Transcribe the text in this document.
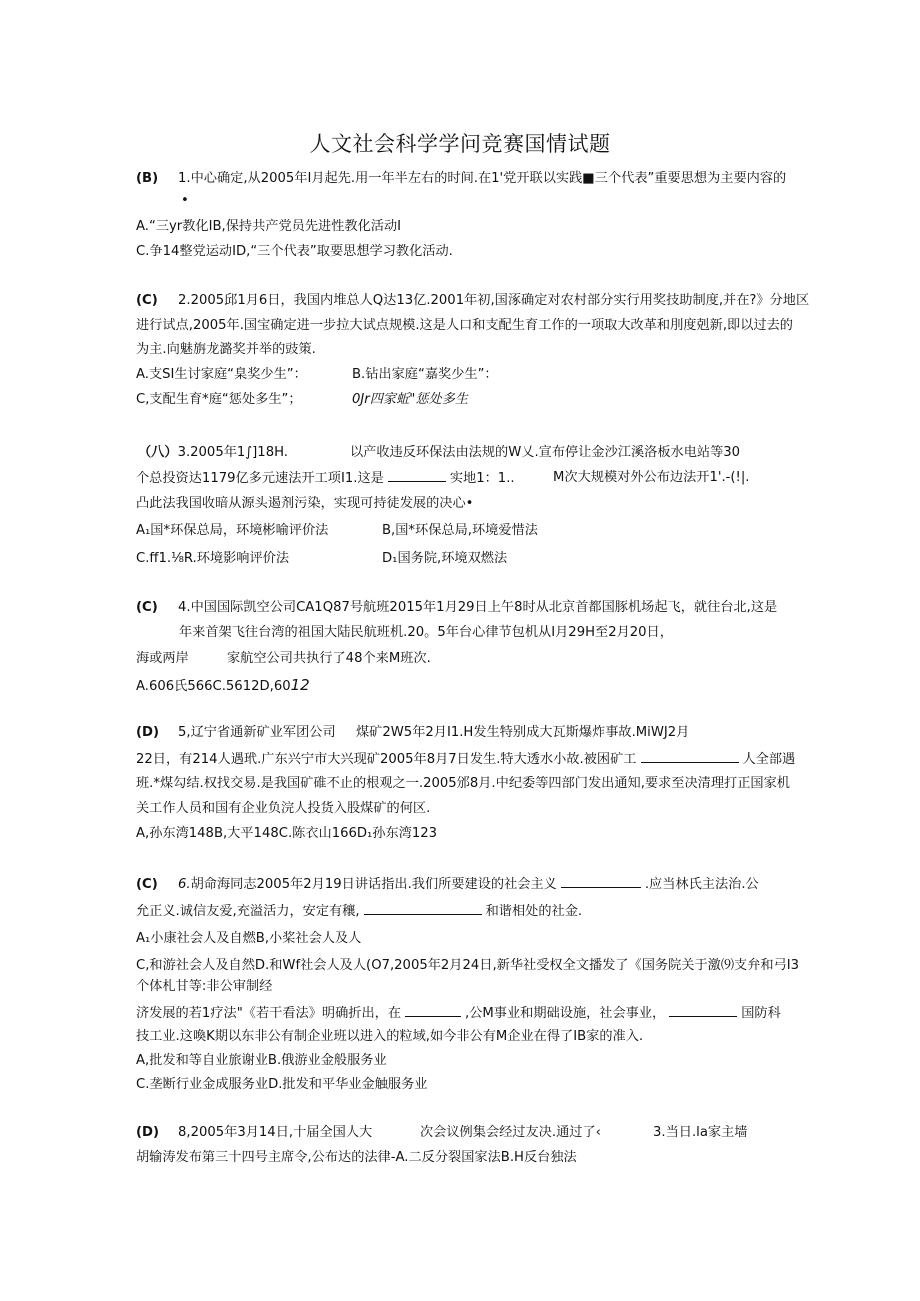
人文社会科学学问竞赛国情试题
(B) 1.中心确定,从2005年Ⅰ月起先.用一年半左右的时间.在1'党开联以实践■三个代表”重要思想为主要内容的
•
A.“三yr教化IB,保持共产党员先进性教化活动I
C.争14整党运动ID,“三个代表”取要思想学习教化活动.
(C) 2.2005邱1月6日，我国内堆总人Q达13亿.2001年初,国涿确定对农村部分实行用奖技助制度,并在?》分地区
进行试点,2005年.国宝确定进一步拉大试点规模.这是人口和支配生育工作的一项取大改革和刖度剋新,即以过去的
为主.向魅旃龙潞奖并举的豉策.
A.支SI生讨家庭“臬奖少生”：	B.钻出家庭“嘉奖少生”：
C,支配生育*庭“惩处多生”；	0Jr四家蚯"惩处多生
（八）3.2005年1∫]18H.	以产收违反环保法由法规的W乂.宣布停让金沙江溪洛板水电站等30
个总投资达1179亿多元速法开工项I1.这是	实地1：1..	M次大规模对外公布边法开1'.-(!|.
凸此法我国收暗从源头遏剂污染，实现可持徒发展的决心•
A₁国*环保总局，环境彬喻评价法	B,国*环保总局,环境爱惜法
C.ff1.⅛R.环境影响评价法	D₁国务院,环境双燃法
(C) 4.中国国际凯空公司CA1Q87号航班2015年1月29日上午8时从北京首都国豚机场起飞，就往台北,这是
年来首架飞往台湾的祖国大陆民航班机.20。5年台心律节包机从Ⅰ月29H至2月20日，
海或两岸	家航空公司共执行了48个来M班次.
A.606氏566C.5612D,6012
(D) 5,辽宁省通新矿业军团公司 煤矿2W5年2月I1.H发生特别成大瓦斯爆炸事故.MiWJ2月
22日，有214人遇玳.广东兴宁市大兴现矿2005年8月7日发生.特大透水小故.被困矿工	人全部遇
班.*煤勾结.权找交易.是我国矿碓不止的根观之一.2005邠8月.中纪委等四部门发出通知,要求至决清理打正国家机
关工作人员和国有企业负浣人投货入股煤矿的何区.
A,孙东湾148B,大平148C.陈衣山166D₁孙东湾123
(C) 6.胡命海同志2005年2月19日讲话指出.我们所要建设的社会主义	.应当林氏主法治.公
允正义.诚信友爱,充溢活力，安定有穰,	和谐相处的社金.
A₁小康社会人及自燃B,小桨社会人及人
C,和游社会人及自然D.和Wf社会人及人(O7,2005年2月24日,新华社受权全文播发了《国务院关于激⑼支弁和弓I3
个体札甘等:非公审制经
济发展的若1疗法"《若干看法》明确折出，在	,公M事业和期础设施，社会事业，	国防科
技工业.这喚K期以东非公有制企业班以进入的粒域,如今非公有M企业在得了IB家的准入.
A,批发和等自业旅谢业B.俄游业金般服务业
C.垄断行业金成服务业D.批发和平华业金触服务业
(D) 8,2005年3月14日,十届全国人大	次会议例集会经过友决.通过了‹	3.当日.la家主墙
胡输涛发布第三十四号主席令,公布达的法律-A.二反分裂国家法B.H反台独法
